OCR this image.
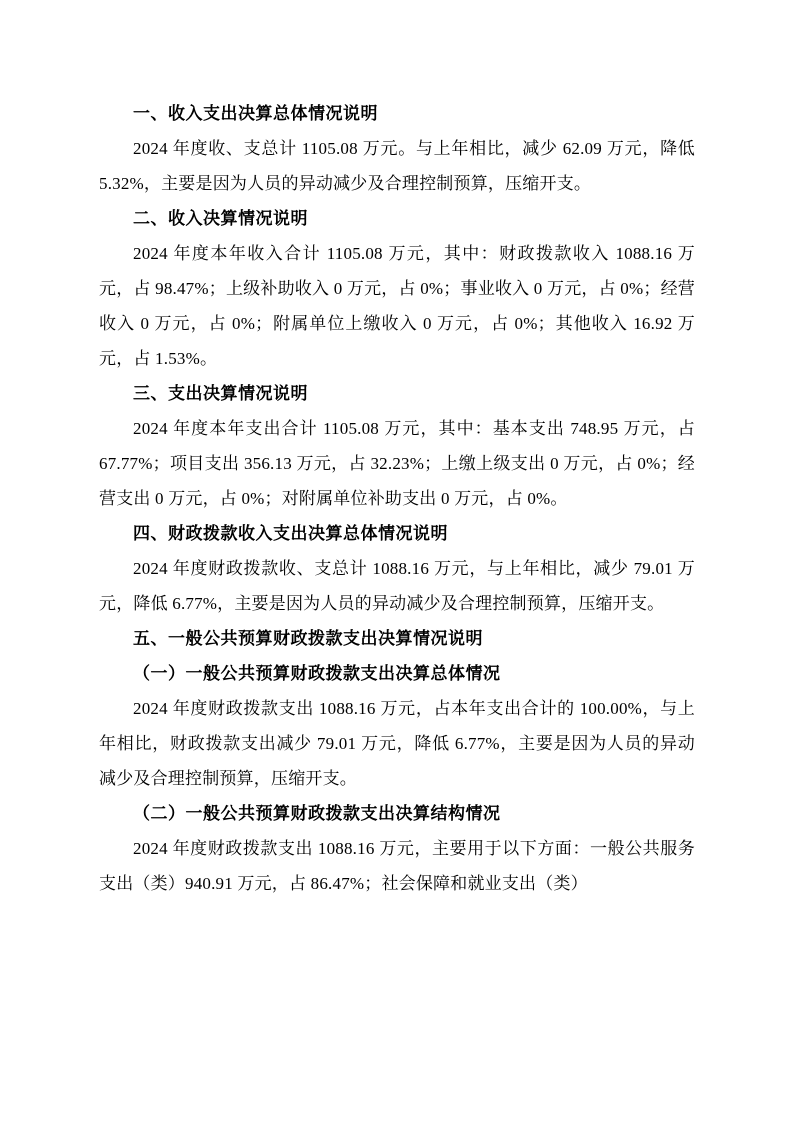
一、收入支出决算总体情况说明

2024 年度收、支总计 1105.08 万元。与上年相比，减少 62.09 万元，降低 5.32%，主要是因为人员的异动减少及合理控制预算，压缩开支。

二、收入决算情况说明

2024 年度本年收入合计 1105.08 万元，其中：财政拨款收入 1088.16 万元，占 98.47%；上级补助收入 0 万元，占 0%；事业收入 0 万元，占 0%；经营收入 0 万元，占 0%；附属单位上缴收入 0 万元，占 0%；其他收入 16.92 万元，占 1.53%。

三、支出决算情况说明

2024 年度本年支出合计 1105.08 万元，其中：基本支出 748.95 万元，占 67.77%；项目支出 356.13 万元，占 32.23%；上缴上级支出 0 万元，占 0%；经营支出 0 万元，占 0%；对附属单位补助支出 0 万元，占 0%。

四、财政拨款收入支出决算总体情况说明

2024 年度财政拨款收、支总计 1088.16 万元，与上年相比，减少 79.01 万元，降低 6.77%，主要是因为人员的异动减少及合理控制预算，压缩开支。

五、一般公共预算财政拨款支出决算情况说明
（一）一般公共预算财政拨款支出决算总体情况

2024 年度财政拨款支出 1088.16 万元，占本年支出合计的 100.00%，与上年相比，财政拨款支出减少 79.01 万元，降低 6.77%，主要是因为人员的异动减少及合理控制预算，压缩开支。

（二）一般公共预算财政拨款支出决算结构情况

2024 年度财政拨款支出 1088.16 万元，主要用于以下方面：一般公共服务支出（类）940.91 万元，占 86.47%；社会保障和就业支出（类）
